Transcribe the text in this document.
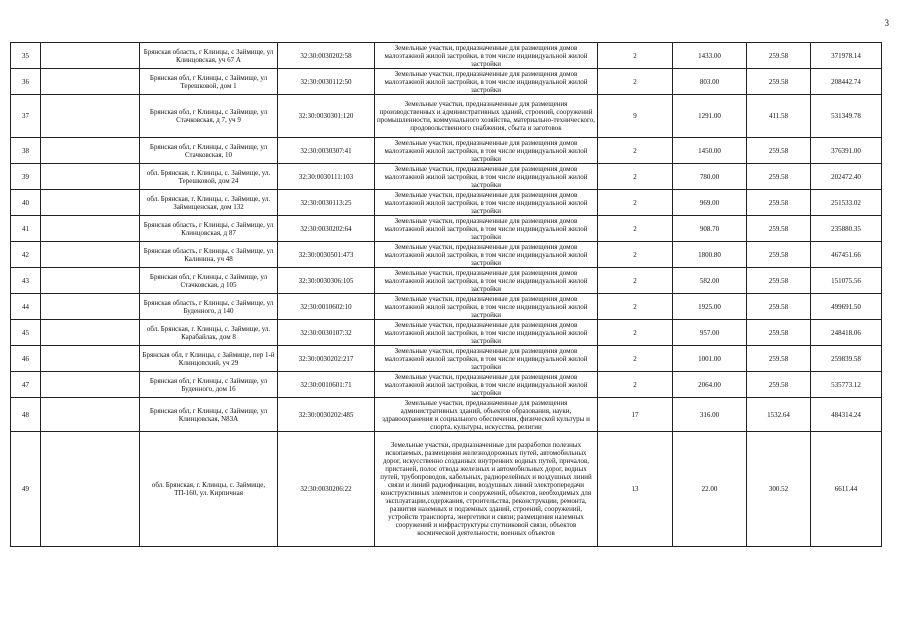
3
35		Брянская область, г Клинцы, с Займище, ул Клинцовская, уч 67 А	32:30:0030202:58	Земельные участки, предназначенные для размещения домов малоэтажной жилой застройки, в том числе индивидуальной жилой застройки	2	1433.00	259.58	371978.14
36		Брянская обл, г Клинцы, с Займище, ул Терешковой, дом 1	32:30:0030112:50	Земельные участки, предназначенные для размещения домов малоэтажной жилой застройки, в том числе индивидуальной жилой застройки	2	803.00	259.58	208442.74
37		Брянская обл, г Клинцы, с Займище, ул Стачковская, д 7, уч 9	32:30:0030301:120	Земельные участки, предназначенные для размещения производственных и административных зданий, строений, сооружений промышленности, коммунального хозяйства, материально-технического, продовольственного снабжения, сбыта и заготовок	9	1291.00	411.58	531349.78
38		Брянская обл, г Клинцы, с Займище, ул Стачковская, 10	32:30:0030307:41	Земельные участки, предназначенные для размещения домов малоэтажной жилой застройки, в том числе индивидуальной жилой застройки	2	1450.00	259.58	376391.00
39		обл. Брянская, г. Клинцы, с. Займище, ул. Терешковой, дом 24	32:30:0030111:103	Земельные участки, предназначенные для размещения домов малоэтажной жилой застройки, в том числе индивидуальной жилой застройки	2	780.00	259.58	202472.40
40		обл. Брянская, г. Клинцы, с. Займище, ул. Займищенская, дом 132	32:30:0030113:25	Земельные участки, предназначенные для размещения домов малоэтажной жилой застройки, в том числе индивидуальной жилой застройки	2	969.00	259.58	251533.02
41		Брянская область, г Клинцы, с Займище, ул Клинцовская, д 87	32:30:0030202:64	Земельные участки, предназначенные для размещения домов малоэтажной жилой застройки, в том числе индивидуальной жилой застройки	2	908.70	259.58	235880.35
42		Брянская область, г Клинцы, с Займище, ул Калинина, уч 48	32:30:0030501:473	Земельные участки, предназначенные для размещения домов малоэтажной жилой застройки, в том числе индивидуальной жилой застройки	2	1800.80	259.58	467451.66
43		Брянская обл, г Клинцы, с Займище, ул Стачковская, д 105	32:30:0030306:105	Земельные участки, предназначенные для размещения домов малоэтажной жилой застройки, в том числе индивидуальной жилой застройки	2	582.00	259.58	151075.56
44		Брянская область, г Клинцы, с Займище, ул Буденного, д 140	32:30:0010602:10	Земельные участки, предназначенные для размещения домов малоэтажной жилой застройки, в том числе индивидуальной жилой застройки	2	1925.00	259.58	499691.50
45		обл. Брянская, г. Клинцы, с. Займище, ул. Карабайлак, дом 8	32:30:0030107:32	Земельные участки, предназначенные для размещения домов малоэтажной жилой застройки, в том числе индивидуальной жилой застройки	2	957.00	259.58	248418.06
46		Брянская обл, г Клинцы, с Займище, пер 1-й Клинцовский, уч 29	32:30:0030202:217	Земельные участки, предназначенные для размещения домов малоэтажной жилой застройки, в том числе индивидуальной жилой застройки	2	1001.00	259.58	259839.58
47		Брянская обл, г Клинцы, с Займище, ул Буденного, дом 16	32:30:0010601:71	Земельные участки, предназначенные для размещения домов малоэтажной жилой застройки, в том числе индивидуальной жилой застройки	2	2064.00	259.58	535773.12
48		Брянская обл, г Клинцы, с Займище, ул Клинцовская, N83А	32:30:0030202:485	Земельные участки, предназначенные для размещения административных зданий, объектов образования, науки, здравоохранения и социального обеспечения, физической культуры и спорта, культуры, искусства, религии	17	316.00	1532.64	484314.24
49		обл. Брянская, г. Клинцы, с. Займище, ТП-160, ул. Кирпичная	32:30:0030206:22	Земельные участки, предназначенные для разработки полезных ископаемых, размещения железнодорожных путей, автомобильных дорог, искусственно созданных внутренних водных путей, причалов, пристаней, полос отвода железных и автомобильных дорог, водных путей, трубопроводов, кабельных, радиорелейных и воздушных линий связи и линий радиофикации, воздушных линий электропередачи конструктивных элементов и сооружений, объектов, необходимых для эксплуатации,содержания, строительства, реконструкции, ремонта, развития наземных и подземных зданий, строений, сооружений, устройств транспорта, энергетики и связи; размещения наземных сооружений и инфраструктуры спутниковой связи, объектов космической деятельности, военных объектов	13	22.00	300.52	6611.44
